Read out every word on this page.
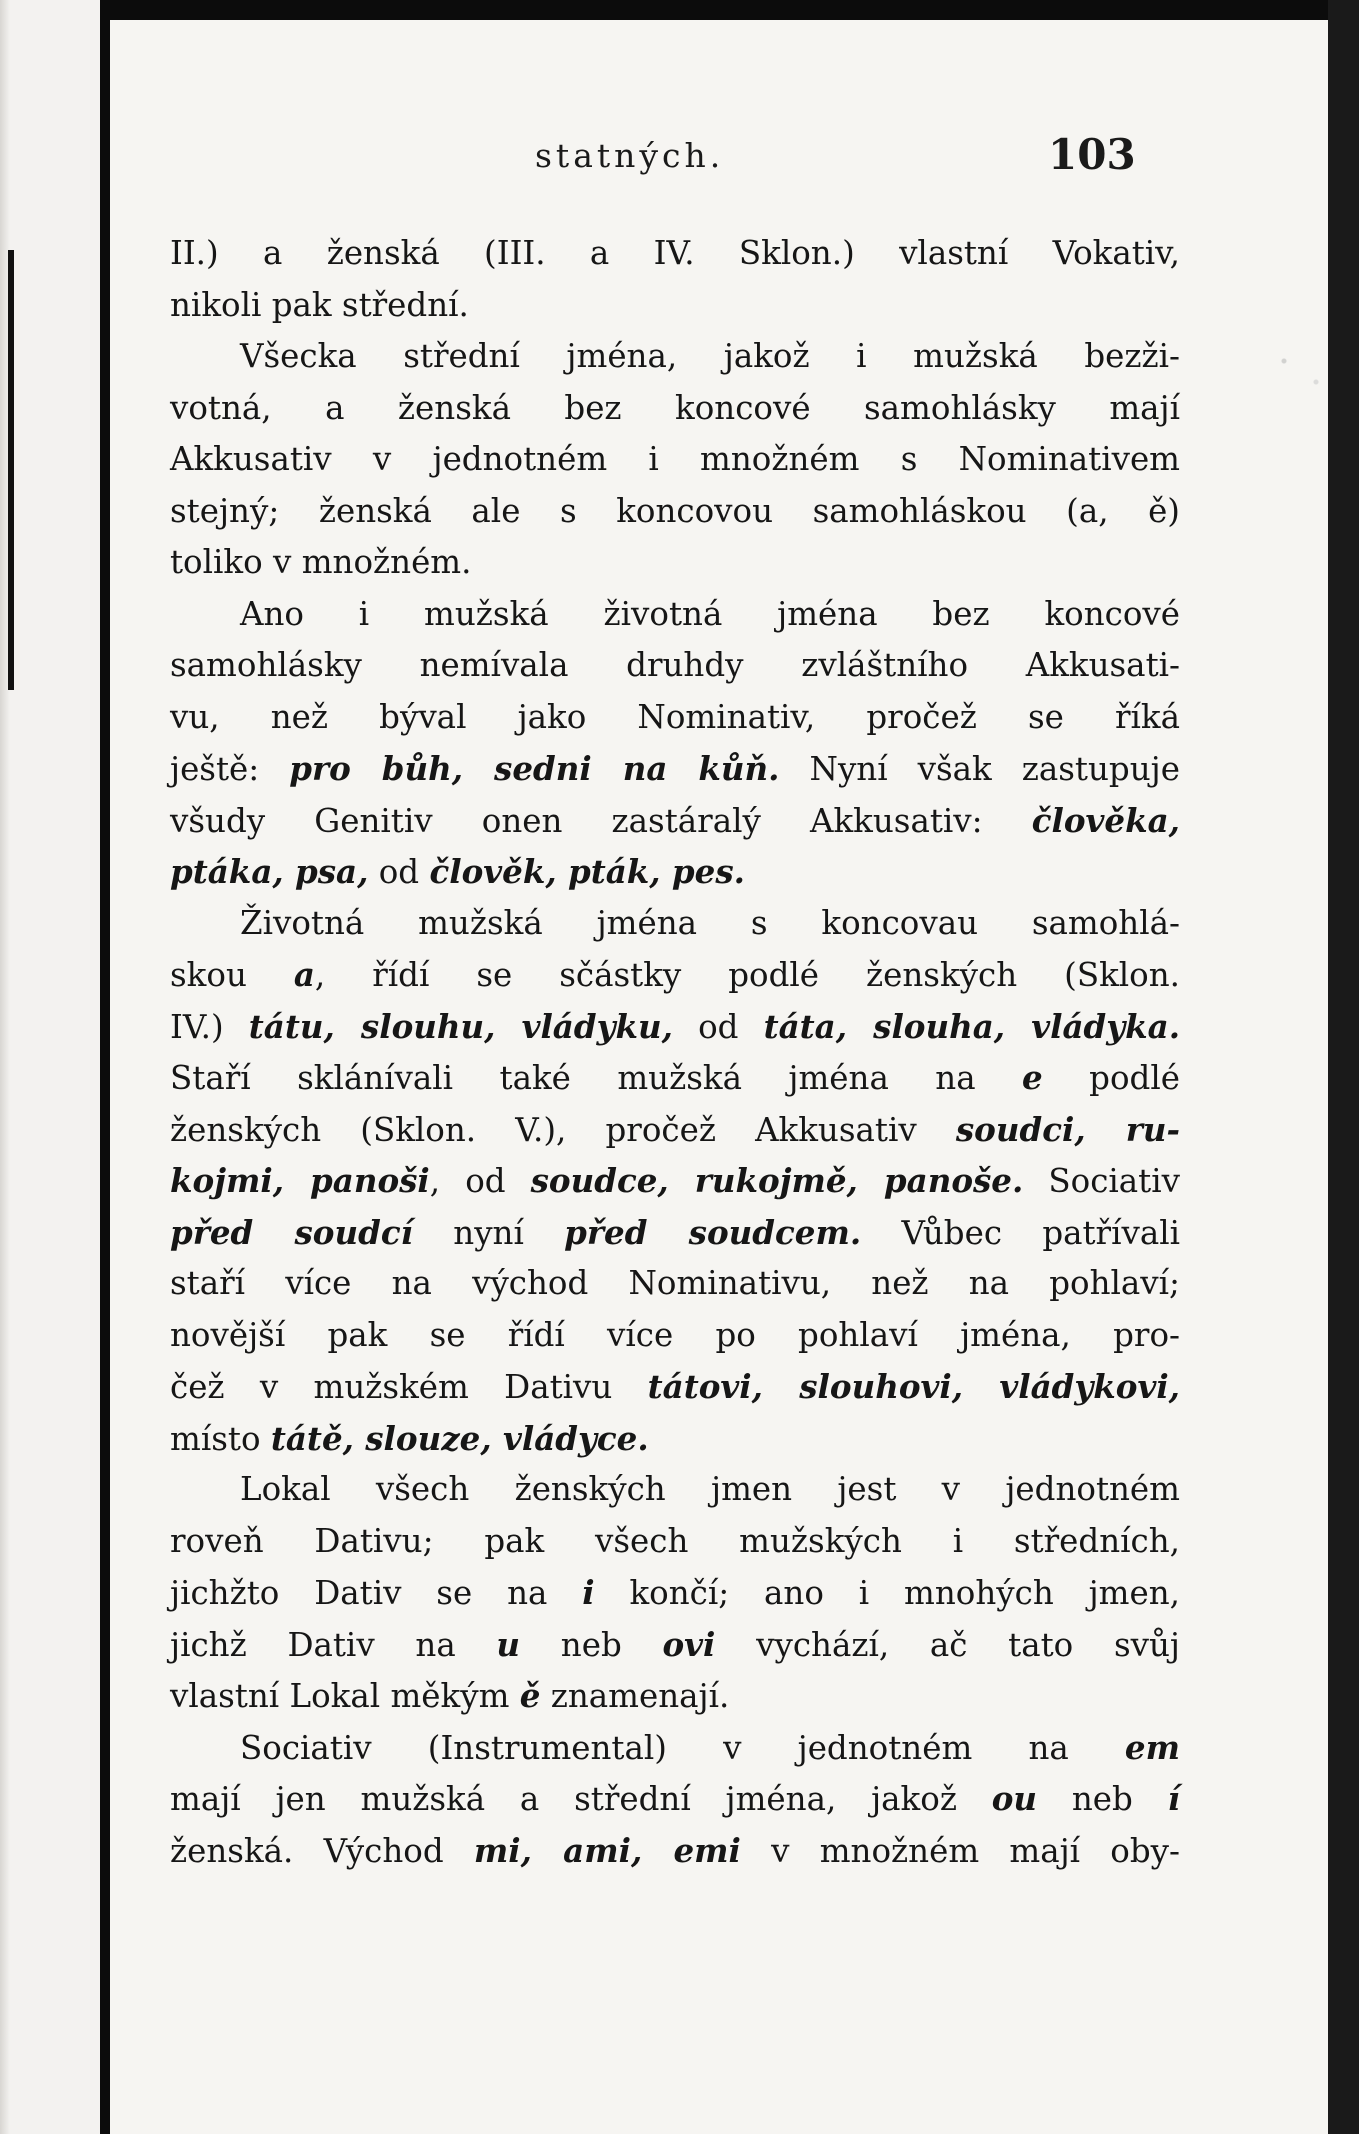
statných.	103
II.) a ženská (III. a IV. Sklon.) vlastní Vokativ,
nikoli pak střední.
Všecka střední jména, jakož i mužská bezži-
votná, a ženská bez koncové samohlásky mají
Akkusativ v jednotném i množném s Nominativem
stejný; ženská ale s koncovou samohláskou (a, ě)
toliko v množném.
Ano i mužská životná jména bez koncové
samohlásky nemívala druhdy zvláštního Akkusati-
vu, než býval jako Nominativ, pročež se říká
ještě: pro bůh, sedni na kůň. Nyní však zastupuje
všudy Genitiv onen zastáralý Akkusativ: člověka,
ptáka, psa, od člověk, pták, pes.
Životná mužská jména s koncovau samohlá-
skou a, řídí se sčástky podlé ženských (Sklon.
IV.) tátu, slouhu, vládyku, od táta, slouha, vládyka.
Staří sklánívali také mužská jména na e podlé
ženských (Sklon. V.), pročež Akkusativ soudci, ru-
kojmi, panoši, od soudce, rukojmě, panoše. Sociativ
před soudcí nyní před soudcem. Vůbec patřívali
staří více na východ Nominativu, než na pohlaví;
novější pak se řídí více po pohlaví jména, pro-
čež v mužském Dativu tátovi, slouhovi, vládykovi,
místo tátě, slouze, vládyce.
Lokal všech ženských jmen jest v jednotném
roveň Dativu; pak všech mužských i středních,
jichžto Dativ se na i končí; ano i mnohých jmen,
jichž Dativ na u neb ovi vychází, ač tato svůj
vlastní Lokal měkým ě znamenají.
Sociativ (Instrumental) v jednotném na em
mají jen mužská a střední jména, jakož ou neb í
ženská. Východ mi, ami, emi v množném mají oby-
